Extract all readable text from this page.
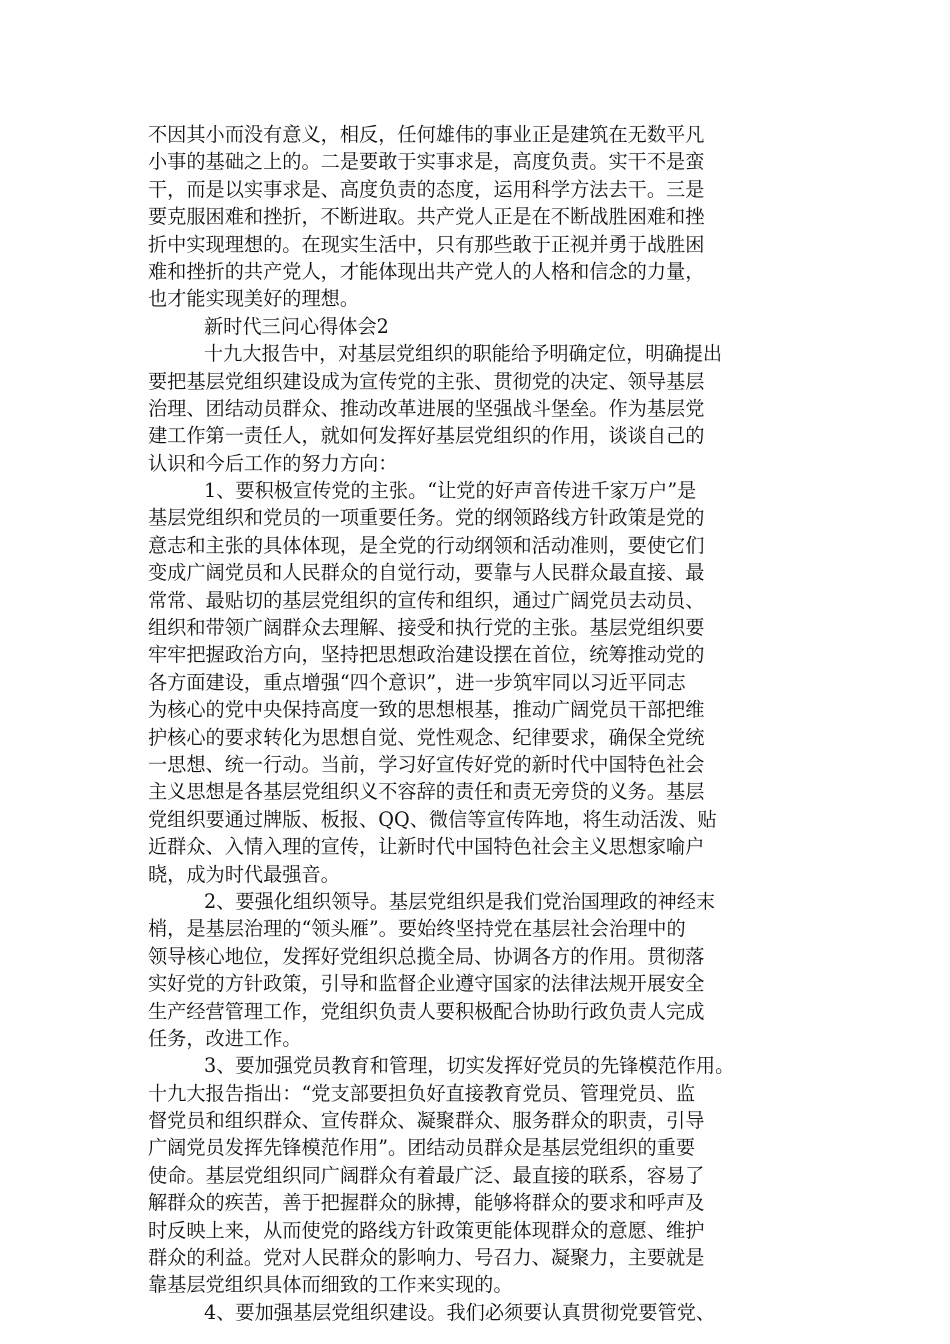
不因其小而没有意义，相反，任何雄伟的事业正是建筑在无数平凡
小事的基础之上的。二是要敢于实事求是，高度负责。实干不是蛮
干，而是以实事求是、高度负责的态度，运用科学方法去干。三是
要克服困难和挫折，不断进取。共产党人正是在不断战胜困难和挫
折中实现理想的。在现实生活中，只有那些敢于正视并勇于战胜困
难和挫折的共产党人，才能体现出共产党人的人格和信念的力量，
也才能实现美好的理想。
新时代三问心得体会2
十九大报告中，对基层党组织的职能给予明确定位，明确提出
要把基层党组织建设成为宣传党的主张、贯彻党的决定、领导基层
治理、团结动员群众、推动改革进展的坚强战斗堡垒。作为基层党
建工作第一责任人，就如何发挥好基层党组织的作用，谈谈自己的
认识和今后工作的努力方向：
1、要积极宣传党的主张。“让党的好声音传进千家万户”是
基层党组织和党员的一项重要任务。党的纲领路线方针政策是党的
意志和主张的具体体现，是全党的行动纲领和活动准则，要使它们
变成广阔党员和人民群众的自觉行动，要靠与人民群众最直接、最
常常、最贴切的基层党组织的宣传和组织，通过广阔党员去动员、
组织和带领广阔群众去理解、接受和执行党的主张。基层党组织要
牢牢把握政治方向，坚持把思想政治建设摆在首位，统筹推动党的
各方面建设，重点增强“四个意识”，进一步筑牢同以习近平同志
为核心的党中央保持高度一致的思想根基，推动广阔党员干部把维
护核心的要求转化为思想自觉、党性观念、纪律要求，确保全党统
一思想、统一行动。当前，学习好宣传好党的新时代中国特色社会
主义思想是各基层党组织义不容辞的责任和责无旁贷的义务。基层
党组织要通过牌版、板报、QQ、微信等宣传阵地，将生动活泼、贴
近群众、入情入理的宣传，让新时代中国特色社会主义思想家喻户
晓，成为时代最强音。
2、要强化组织领导。基层党组织是我们党治国理政的神经末
梢，是基层治理的“领头雁”。要始终坚持党在基层社会治理中的
领导核心地位，发挥好党组织总揽全局、协调各方的作用。贯彻落
实好党的方针政策，引导和监督企业遵守国家的法律法规开展安全
生产经营管理工作，党组织负责人要积极配合协助行政负责人完成
任务，改进工作。
3、要加强党员教育和管理，切实发挥好党员的先锋模范作用。
十九大报告指出：“党支部要担负好直接教育党员、管理党员、监
督党员和组织群众、宣传群众、凝聚群众、服务群众的职责，引导
广阔党员发挥先锋模范作用”。团结动员群众是基层党组织的重要
使命。基层党组织同广阔群众有着最广泛、最直接的联系，容易了
解群众的疾苦，善于把握群众的脉搏，能够将群众的要求和呼声及
时反映上来，从而使党的路线方针政策更能体现群众的意愿、维护
群众的利益。党对人民群众的影响力、号召力、凝聚力，主要就是
靠基层党组织具体而细致的工作来实现的。
4、要加强基层党组织建设。我们必须要认真贯彻党要管党、
